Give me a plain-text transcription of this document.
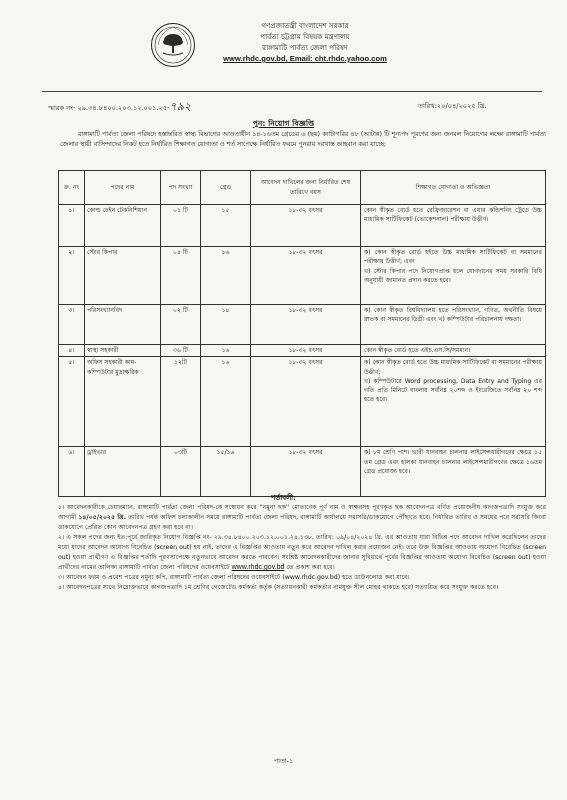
গণপ্রজাতন্ত্রী বাংলাদেশ সরকার
পার্বত্য চট্টগ্রাম বিষয়ক মন্ত্রণালয়
রাঙ্গামাটি পার্বত্য জেলা পরিষদ
www.rhdc.gov.bd, Email: cht.rhdc.yahoo.com
স্মারক নং- ২৯.৩৪.৮৪০০.২০৩.১২.০০১.২৫-৭৯২	তারিখ:২০/০৪/২০২৫ খ্রি.
পুন: নিয়োগ বিজ্ঞপ্তি
রাঙ্গামাটি পার্বত্য জেলা পরিষদে হস্তান্তরিত স্বাস্থ্য বিভাগের আওতাধীন ১৪-১৬তম গ্রেডের ৬ (ছয়) ক্যাটাগরির ৪৮ (আটান্ন) টি শূন্যপদ পূরণের জন্য জনবল নিয়োগের লক্ষ্যে রাঙ্গামাটি পার্বত্য জেলার স্থায়ী বাসিন্দাদের নিকট হতে নির্ধারিত শিক্ষাগত যোগ্যতা ও শর্ত সাপেক্ষে নির্ধারিত ফরমে পুনরায় দরখাস্ত আহবান করা যাচ্ছে:
ক্র. নং	পদের নাম	পদ সংখ্যা	গ্রেড	আবেদন দাখিলের জন্য নির্ধারিত শেষ তারিখে বয়স	শিক্ষাগত যোগ্যতা ও অভিজ্ঞতা
১।	কোল্ড চেইন টেকনিশিয়ান	০১ টি	১৫	১৮-৩২ বৎসর	কোন স্বীকৃত বোর্ড হতে রেফ্রিজারেশন বা এয়ার কন্ডিশনিং ট্রেডে উচ্চ মাধ্যমিক সার্টিফিকেট (ভোকেশনাল) পরীক্ষায় উত্তীর্ণ।

২।	স্টোর কিপার	০৪ টি	১৬	১৮-৩২ বৎসর	ক) কোন স্বীকৃত বোর্ড হইতে উচ্চ মাধ্যমিক সার্টিফিকেট বা সমমানের পরীক্ষায় উত্তীর্ণ; এবং
খ) স্টোর কিপার পদে নিয়োগপ্রাপ্ত হলে যোগদানের সময় সরকারি বিধি অনুযায়ী জামানত প্রদান করতে হবে।

৩।	পরিসংখ্যানবিদ	০২ টি	১৪	১৮-৩২ বৎসর	ক) কোন স্বীকৃত বিশ্ববিদ্যালয় হতে পরিসংখ্যান, গণিত, অর্থনীতি বিষয়ে স্নাতক বা সমমানের ডিগ্রী এবং খ) কম্পিউটার পরিচালনায় দক্ষতা।

৪।	স্বাস্থ্য সহকারী	৩৬ টি	১৬	১৮-৩২ বৎসর	কোন স্বীকৃত বোর্ড হতে এইচ.এস.সি/সমমান।

৫।	অফিস সহকারী কাম-কম্পিউটার মুদ্রাক্ষরিক	১২টি	১৬	১৮-৩২ বৎসর	ক) কোন স্বীকৃত বোর্ড হতে উচ্চ মাধ্যমিক সার্টিফিকেট বা সমমানের পরীক্ষায় উত্তীর্ণ;
খ) কম্পিউটারে Word processing, Data Entry and Typing এর গতি প্রতি মিনিটে বাংলায় সর্বনিম্ন ২০শব্দ ও ইংরেজিতে সর্বনিম্ন ২০ শব্দ হতে হবে।

৬।	ড্রাইভার	০৩টি	১৫/১৬	১৮-৩২ বৎসর	ক) ৮ম শ্রেণি পাশ। ভারী যানবাহন চালনার লাইসেন্সধারীগণের ক্ষেত্রে ১৫ তম গ্রেড এবং হালকা যানবাহন চালনার লাইসেন্সধারীগণের ক্ষেত্রে ১৬তম গ্রেড প্রযোজ্য হবে।
শর্তাবলী:

১। আবেদনকারীকে চেয়ারম্যান, রাঙ্গামাটি পার্বত্য জেলা পরিষদ-কে সম্বোধন করে ''নমুনা ছক'' মোতাবেক পূর্ণ নাম ও স্বাক্ষরসহ পূরণকৃত ছক আবেদনপত্র বর্ণিত প্রয়োজনীয় কাগজপত্রাদি সংযুক্ত করে আগামী ১৪/০৫/২০২৫ খ্রি. তারিখ পর্যন্ত অফিস চলাকালীন সময়ে রাঙ্গামাটি পার্বত্য জেলা পরিষদ, রাঙ্গামাটি কার্যালয়ে সরাসরি/ডাকযোগে পৌঁছাতে হবে। নির্ধারিত তারিখ ও সময়ের পরে সরাসরি কিংবা ডাকযোগে প্রেরিত কোন আবেদনপত্র গ্রহণ করা হবে না।

২। এ সকল পদের জন্য ইত:পূর্বে জারিকৃত নিয়োগ বিজ্ঞপ্তি নং- ২৯.৩৪.৮৪০০.২০৩.১২.০০১.২৪.১৩৮, তারিখ: ০৯/০৪/২০২৪ খ্রি. এর আওতায় যারা বিভিন্ন পদে আবেদন দাখিল করেছিলেন তাদের মধ্যে যাদের আবেদন অযোগ্য বিবেচিত (screen out) হয় নাই, তাদের এ বিজ্ঞপ্তির আওতায় নতুন করে আবেদন দাখিল করার প্রয়োজন নেই। তবে উক্ত বিজ্ঞপ্তির আওতায় অযোগ্য বিবেচিত (screen out) হওয়া প্রার্থীগণ এ বিজ্ঞপ্তির শর্তাদি পূরণসাপেক্ষে নতুনভাবে আবেদন করতে পারবেন। সংশ্লিষ্ট আবেদনকারীদের জানার সুবিধার্থে পূর্বের বিজ্ঞপ্তির আওতায় অযোগ্য বিবেচিত (screen out) হওয়া প্রার্থীদের নামের তালিকা রাঙ্গামাটি পার্বত্য জেলা পরিষদের ওয়েবসাইটে www.rhdc.gov.bd তে প্রকাশ করা হবে।

৩। আবেদন ফরম ও প্রবেশ পত্রের নমুনা কপি, রাঙ্গামাটি পার্বত্য জেলা পরিষদের ওয়েবসাইটে (www.rhdc.gov.bd) হতে ডাউনলোড করা যাবে।

৪। আবেদনপত্রের সাথে নিম্নোক্তভাবে কাগজপত্রাদি ১ম শ্রেণির গেজেটেড কর্মকর্তা কর্তৃক (সত্যায়নকারী কর্মকর্তার নামযুক্ত সীল মোহর থাকতে হবে) সত্যায়িত করে সংযুক্ত করতে হবে।

পাতা-১
